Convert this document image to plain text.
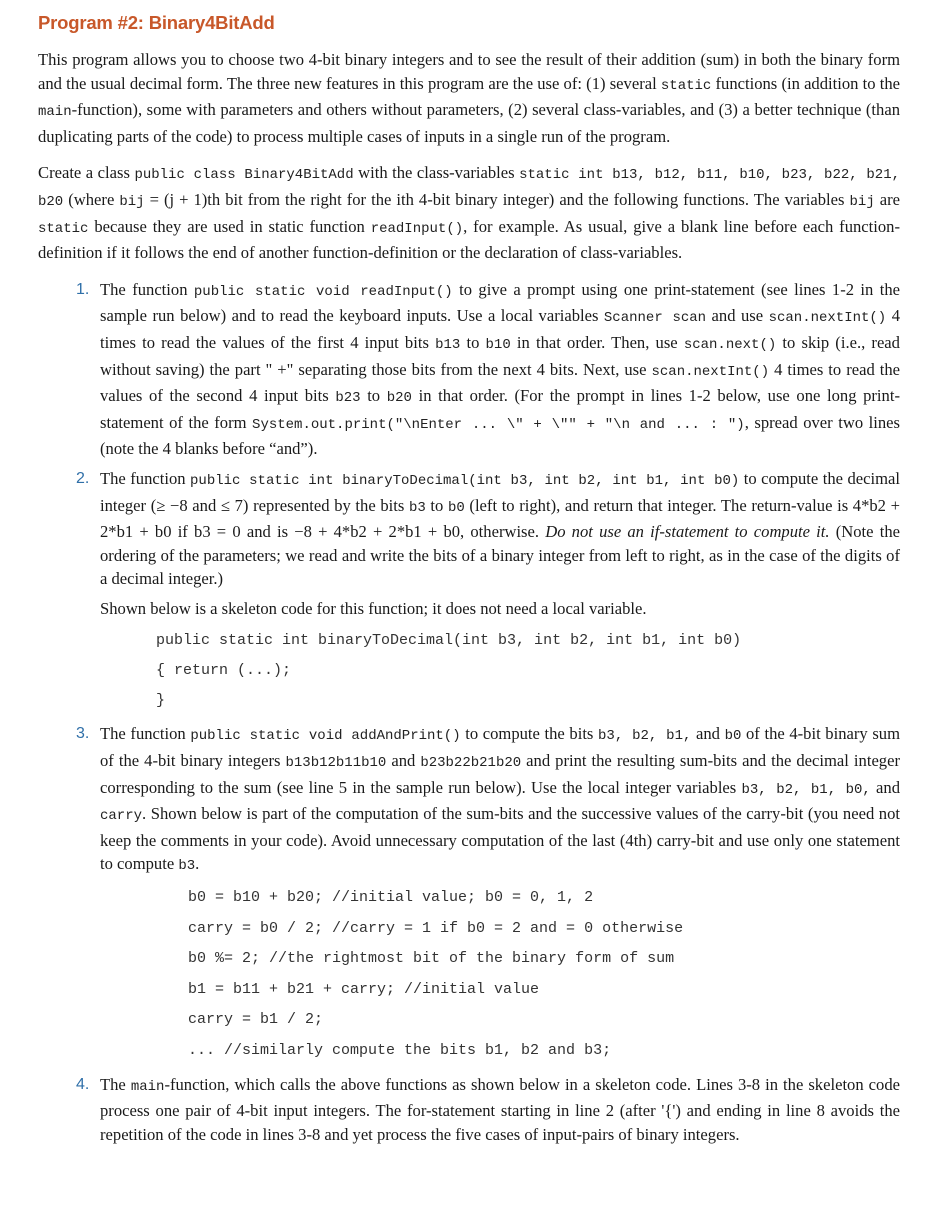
Program #2: Binary4BitAdd

This program allows you to choose two 4-bit binary integers and to see the result of their addition (sum) in both the binary form and the usual decimal form. The three new features in this program are the use of: (1) several static functions (in addition to the main-function), some with parameters and others without parameters, (2) several class-variables, and (3) a better technique (than duplicating parts of the code) to process multiple cases of inputs in a single run of the program.

Create a class public class Binary4BitAdd with the class-variables static int b13, b12, b11, b10, b23, b22, b21, b20 (where bij = (j + 1)th bit from the right for the ith 4-bit binary integer) and the following functions. The variables bij are static because they are used in static function readInput(), for example. As usual, give a blank line before each function-definition if it follows the end of another function-definition or the declaration of class-variables.

1. The function public static void readInput() to give a prompt using one print-statement (see lines 1-2 in the sample run below) and to read the keyboard inputs. Use a local variables Scanner scan and use scan.nextInt() 4 times to read the values of the first 4 input bits b13 to b10 in that order. Then, use scan.next() to skip (i.e., read without saving) the part " +" separating those bits from the next 4 bits. Next, use scan.nextInt() 4 times to read the values of the second 4 input bits b23 to b20 in that order. (For the prompt in lines 1-2 below, use one long print-statement of the form System.out.print("\nEnter ... \" + \"" + "\n and ... : "), spread over two lines (note the 4 blanks before “and”).

2. The function public static int binaryToDecimal(int b3, int b2, int b1, int b0) to compute the decimal integer (≥ −8 and ≤ 7) represented by the bits b3 to b0 (left to right), and return that integer. The return-value is 4*b2 + 2*b1 + b0 if b3 = 0 and is −8 + 4*b2 + 2*b1 + b0, otherwise. Do not use an if-statement to compute it. (Note the ordering of the parameters; we read and write the bits of a binary integer from left to right, as in the case of the digits of a decimal integer.)

Shown below is a skeleton code for this function; it does not need a local variable.

public static int binaryToDecimal(int b3, int b2, int b1, int b0)
{ return (...);
}
3. The function public static void addAndPrint() to compute the bits b3, b2, b1, and b0 of the 4-bit binary sum of the 4-bit binary integers b13b12b11b10 and b23b22b21b20 and print the resulting sum-bits and the decimal integer corresponding to the sum (see line 5 in the sample run below). Use the local integer variables b3, b2, b1, b0, and carry. Shown below is part of the computation of the sum-bits and the successive values of the carry-bit (you need not keep the comments in your code). Avoid unnecessary computation of the last (4th) carry-bit and use only one statement to compute b3.

b0 = b10 + b20; //initial value; b0 = 0, 1, 2
carry = b0 / 2; //carry = 1 if b0 = 2 and = 0 otherwise
b0 %= 2; //the rightmost bit of the binary form of sum
b1 = b11 + b21 + carry; //initial value
carry = b1 / 2;
... //similarly compute the bits b1, b2 and b3;
4. The main-function, which calls the above functions as shown below in a skeleton code. Lines 3-8 in the skeleton code process one pair of 4-bit input integers. The for-statement starting in line 2 (after '{') and ending in line 8 avoids the repetition of the code in lines 3-8 and yet process the five cases of input-pairs of binary integers.
